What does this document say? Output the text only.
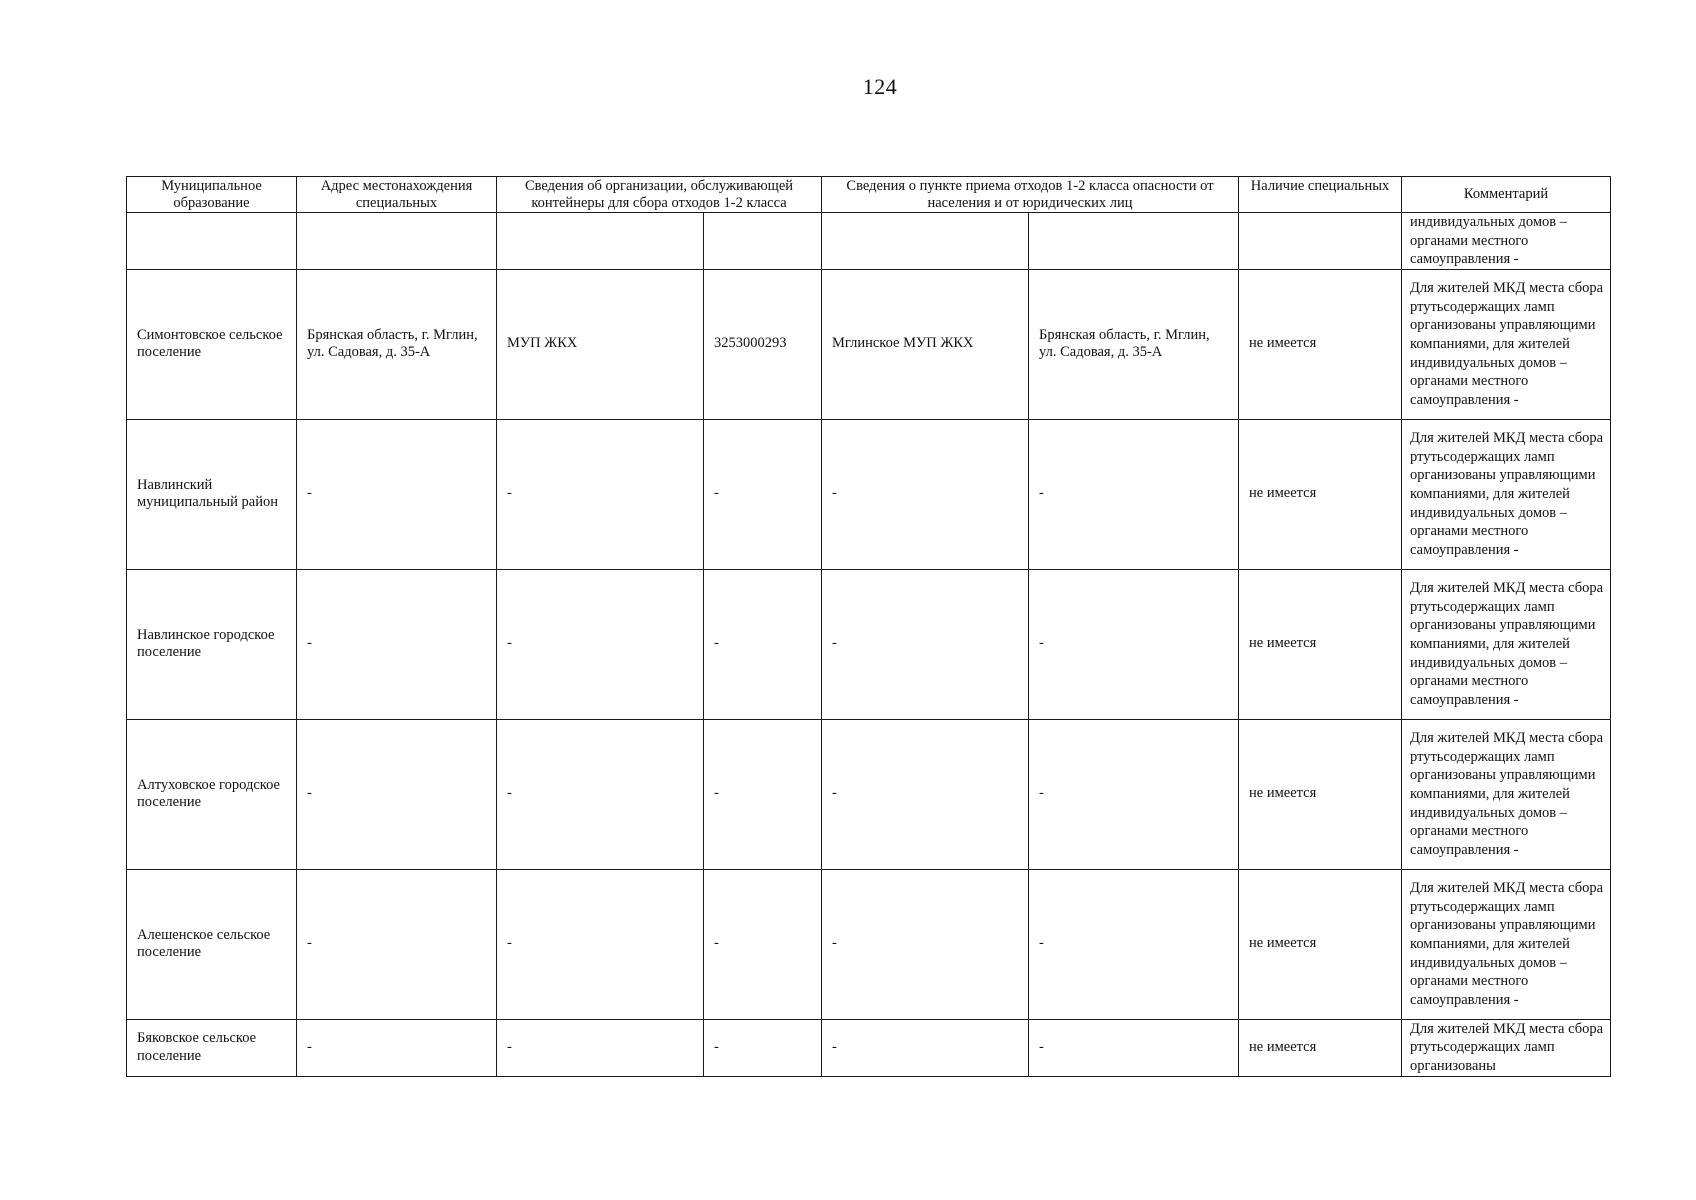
124
Муниципальное образование	Адрес местонахождения специальных	Сведения об организации, обслуживающей контейнеры для сбора отходов 1-2 класса		Сведения о пункте приема отходов 1-2 класса опасности от населения и от юридических лиц		Наличие специальных	Комментарий

							индивидуальных домов – органами местного самоуправления -

Симонтовское сельское поселение	Брянская область, г. Мглин, ул. Садовая, д. 35-А	МУП ЖКХ	3253000293	Мглинское МУП ЖКХ	Брянская область, г. Мглин, ул. Садовая, д. 35-А	не имеется	Для жителей МКД места сбора ртутьсодержащих ламп организованы управляющими компаниями, для жителей индивидуальных домов – органами местного самоуправления -

Навлинский муниципальный район	-	-	-	-	-	не имеется	Для жителей МКД места сбора ртутьсодержащих ламп организованы управляющими компаниями, для жителей индивидуальных домов – органами местного самоуправления -

Навлинское городское поселение	-	-	-	-	-	не имеется	Для жителей МКД места сбора ртутьсодержащих ламп организованы управляющими компаниями, для жителей индивидуальных домов – органами местного самоуправления -

Алтуховское городское поселение	-	-	-	-	-	не имеется	Для жителей МКД места сбора ртутьсодержащих ламп организованы управляющими компаниями, для жителей индивидуальных домов – органами местного самоуправления -

Алешенское сельское поселение	-	-	-	-	-	не имеется	Для жителей МКД места сбора ртутьсодержащих ламп организованы управляющими компаниями, для жителей индивидуальных домов – органами местного самоуправления -

Бяковское сельское поселение	-	-	-	-	-	не имеется	Для жителей МКД места сбора ртутьсодержащих ламп организованы
